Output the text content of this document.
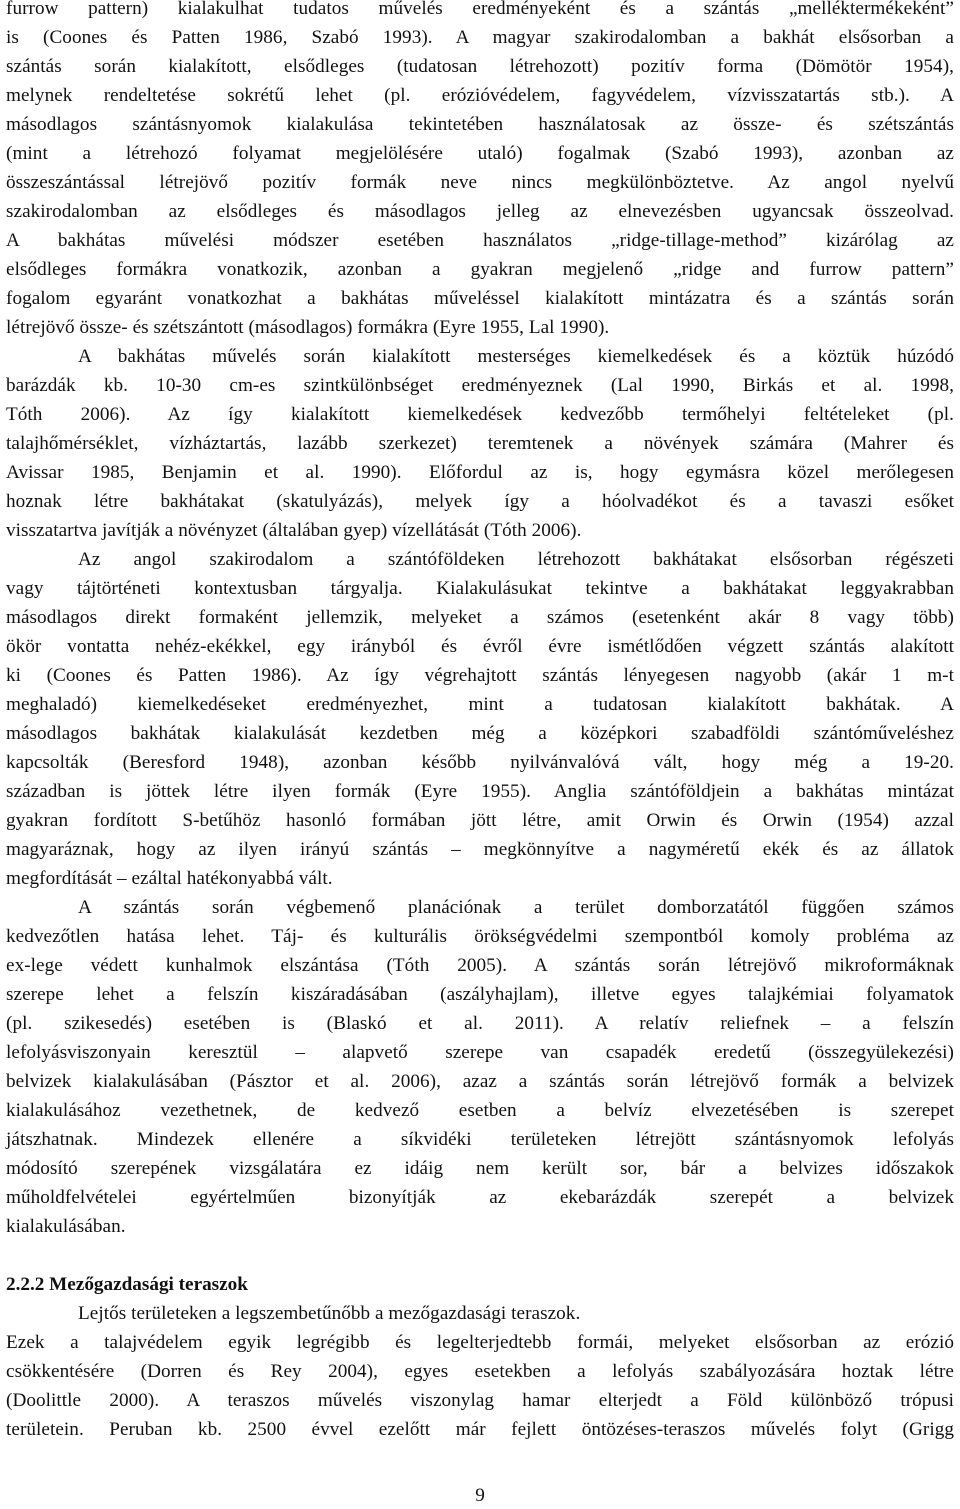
furrow pattern) kialakulhat tudatos művelés eredményeként és a szántás „melléktermékeként”
is (Coones és Patten 1986, Szabó 1993). A magyar szakirodalomban a bakhát elsősorban a
szántás során kialakított, elsődleges (tudatosan létrehozott) pozitív forma (Dömötör 1954),
melynek rendeltetése sokrétű lehet (pl. erózióvédelem, fagyvédelem, vízvisszatartás stb.). A
másodlagos szántásnyomok kialakulása tekintetében használatosak az össze- és szétszántás
(mint a létrehozó folyamat megjelölésére utaló) fogalmak (Szabó 1993), azonban az
összeszántással létrejövő pozitív formák neve nincs megkülönböztetve. Az angol nyelvű
szakirodalomban az elsődleges és másodlagos jelleg az elnevezésben ugyancsak összeolvad.
A bakhátas művelési módszer esetében használatos „ridge-tillage-method” kizárólag az
elsődleges formákra vonatkozik, azonban a gyakran megjelenő „ridge and furrow pattern”
fogalom egyaránt vonatkozhat a bakhátas műveléssel kialakított mintázatra és a szántás során
létrejövő össze- és szétszántott (másodlagos) formákra (Eyre 1955, Lal 1990).
A bakhátas művelés során kialakított mesterséges kiemelkedések és a köztük húzódó
barázdák kb. 10-30 cm-es szintkülönbséget eredményeznek (Lal 1990, Birkás et al. 1998,
Tóth 2006). Az így kialakított kiemelkedések kedvezőbb termőhelyi feltételeket (pl.
talajhőmérséklet, vízháztartás, lazább szerkezet) teremtenek a növények számára (Mahrer és
Avissar 1985, Benjamin et al. 1990). Előfordul az is, hogy egymásra közel merőlegesen
hoznak létre bakhátakat (skatulyázás), melyek így a hóolvadékot és a tavaszi esőket
visszatartva javítják a növényzet (általában gyep) vízellátását (Tóth 2006).
Az angol szakirodalom a szántóföldeken létrehozott bakhátakat elsősorban régészeti
vagy tájtörténeti kontextusban tárgyalja. Kialakulásukat tekintve a bakhátakat leggyakrabban
másodlagos direkt formaként jellemzik, melyeket a számos (esetenként akár 8 vagy több)
ökör vontatta nehéz-ekékkel, egy irányból és évről évre ismétlődően végzett szántás alakított
ki (Coones és Patten 1986). Az így végrehajtott szántás lényegesen nagyobb (akár 1 m-t
meghaladó) kiemelkedéseket eredményezhet, mint a tudatosan kialakított bakhátak. A
másodlagos bakhátak kialakulását kezdetben még a középkori szabadföldi szántóműveléshez
kapcsolták (Beresford 1948), azonban később nyilvánvalóvá vált, hogy még a 19-20.
században is jöttek létre ilyen formák (Eyre 1955). Anglia szántóföldjein a bakhátas mintázat
gyakran fordított S-betűhöz hasonló formában jött létre, amit Orwin és Orwin (1954) azzal
magyaráznak, hogy az ilyen irányú szántás – megkönnyítve a nagyméretű ekék és az állatok
megfordítását – ezáltal hatékonyabbá vált.
A szántás során végbemenő planációnak a terület domborzatától függően számos
kedvezőtlen hatása lehet. Táj- és kulturális örökségvédelmi szempontból komoly probléma az
ex-lege védett kunhalmok elszántása (Tóth 2005). A szántás során létrejövő mikroformáknak
szerepe lehet a felszín kiszáradásában (aszályhajlam), illetve egyes talajkémiai folyamatok
(pl. szikesedés) esetében is (Blaskó et al. 2011). A relatív reliefnek – a felszín
lefolyásviszonyain keresztül – alapvető szerepe van csapadék eredetű (összegyülekezési)
belvizek kialakulásában (Pásztor et al. 2006), azaz a szántás során létrejövő formák a belvizek
kialakulásához vezethetnek, de kedvező esetben a belvíz elvezetésében is szerepet
játszhatnak. Mindezek ellenére a síkvidéki területeken létrejött szántásnyomok lefolyás
módosító szerepének vizsgálatára ez idáig nem került sor, bár a belvizes időszakok
műholdfelvételei egyértelműen bizonyítják az ekebarázdák szerepét a belvizek
kialakulásában.
2.2.2 Mezőgazdasági teraszok
Lejtős területeken a legszembetűnőbb a mezőgazdasági teraszok.
Ezek a talajvédelem egyik legrégibb és legelterjedtebb formái, melyeket elsősorban az erózió
csökkentésére (Dorren és Rey 2004), egyes esetekben a lefolyás szabályozására hoztak létre
(Doolittle 2000). A teraszos művelés viszonylag hamar elterjedt a Föld különböző trópusi
területein. Peruban kb. 2500 évvel ezelőtt már fejlett öntözéses-teraszos művelés folyt (Grigg
9
